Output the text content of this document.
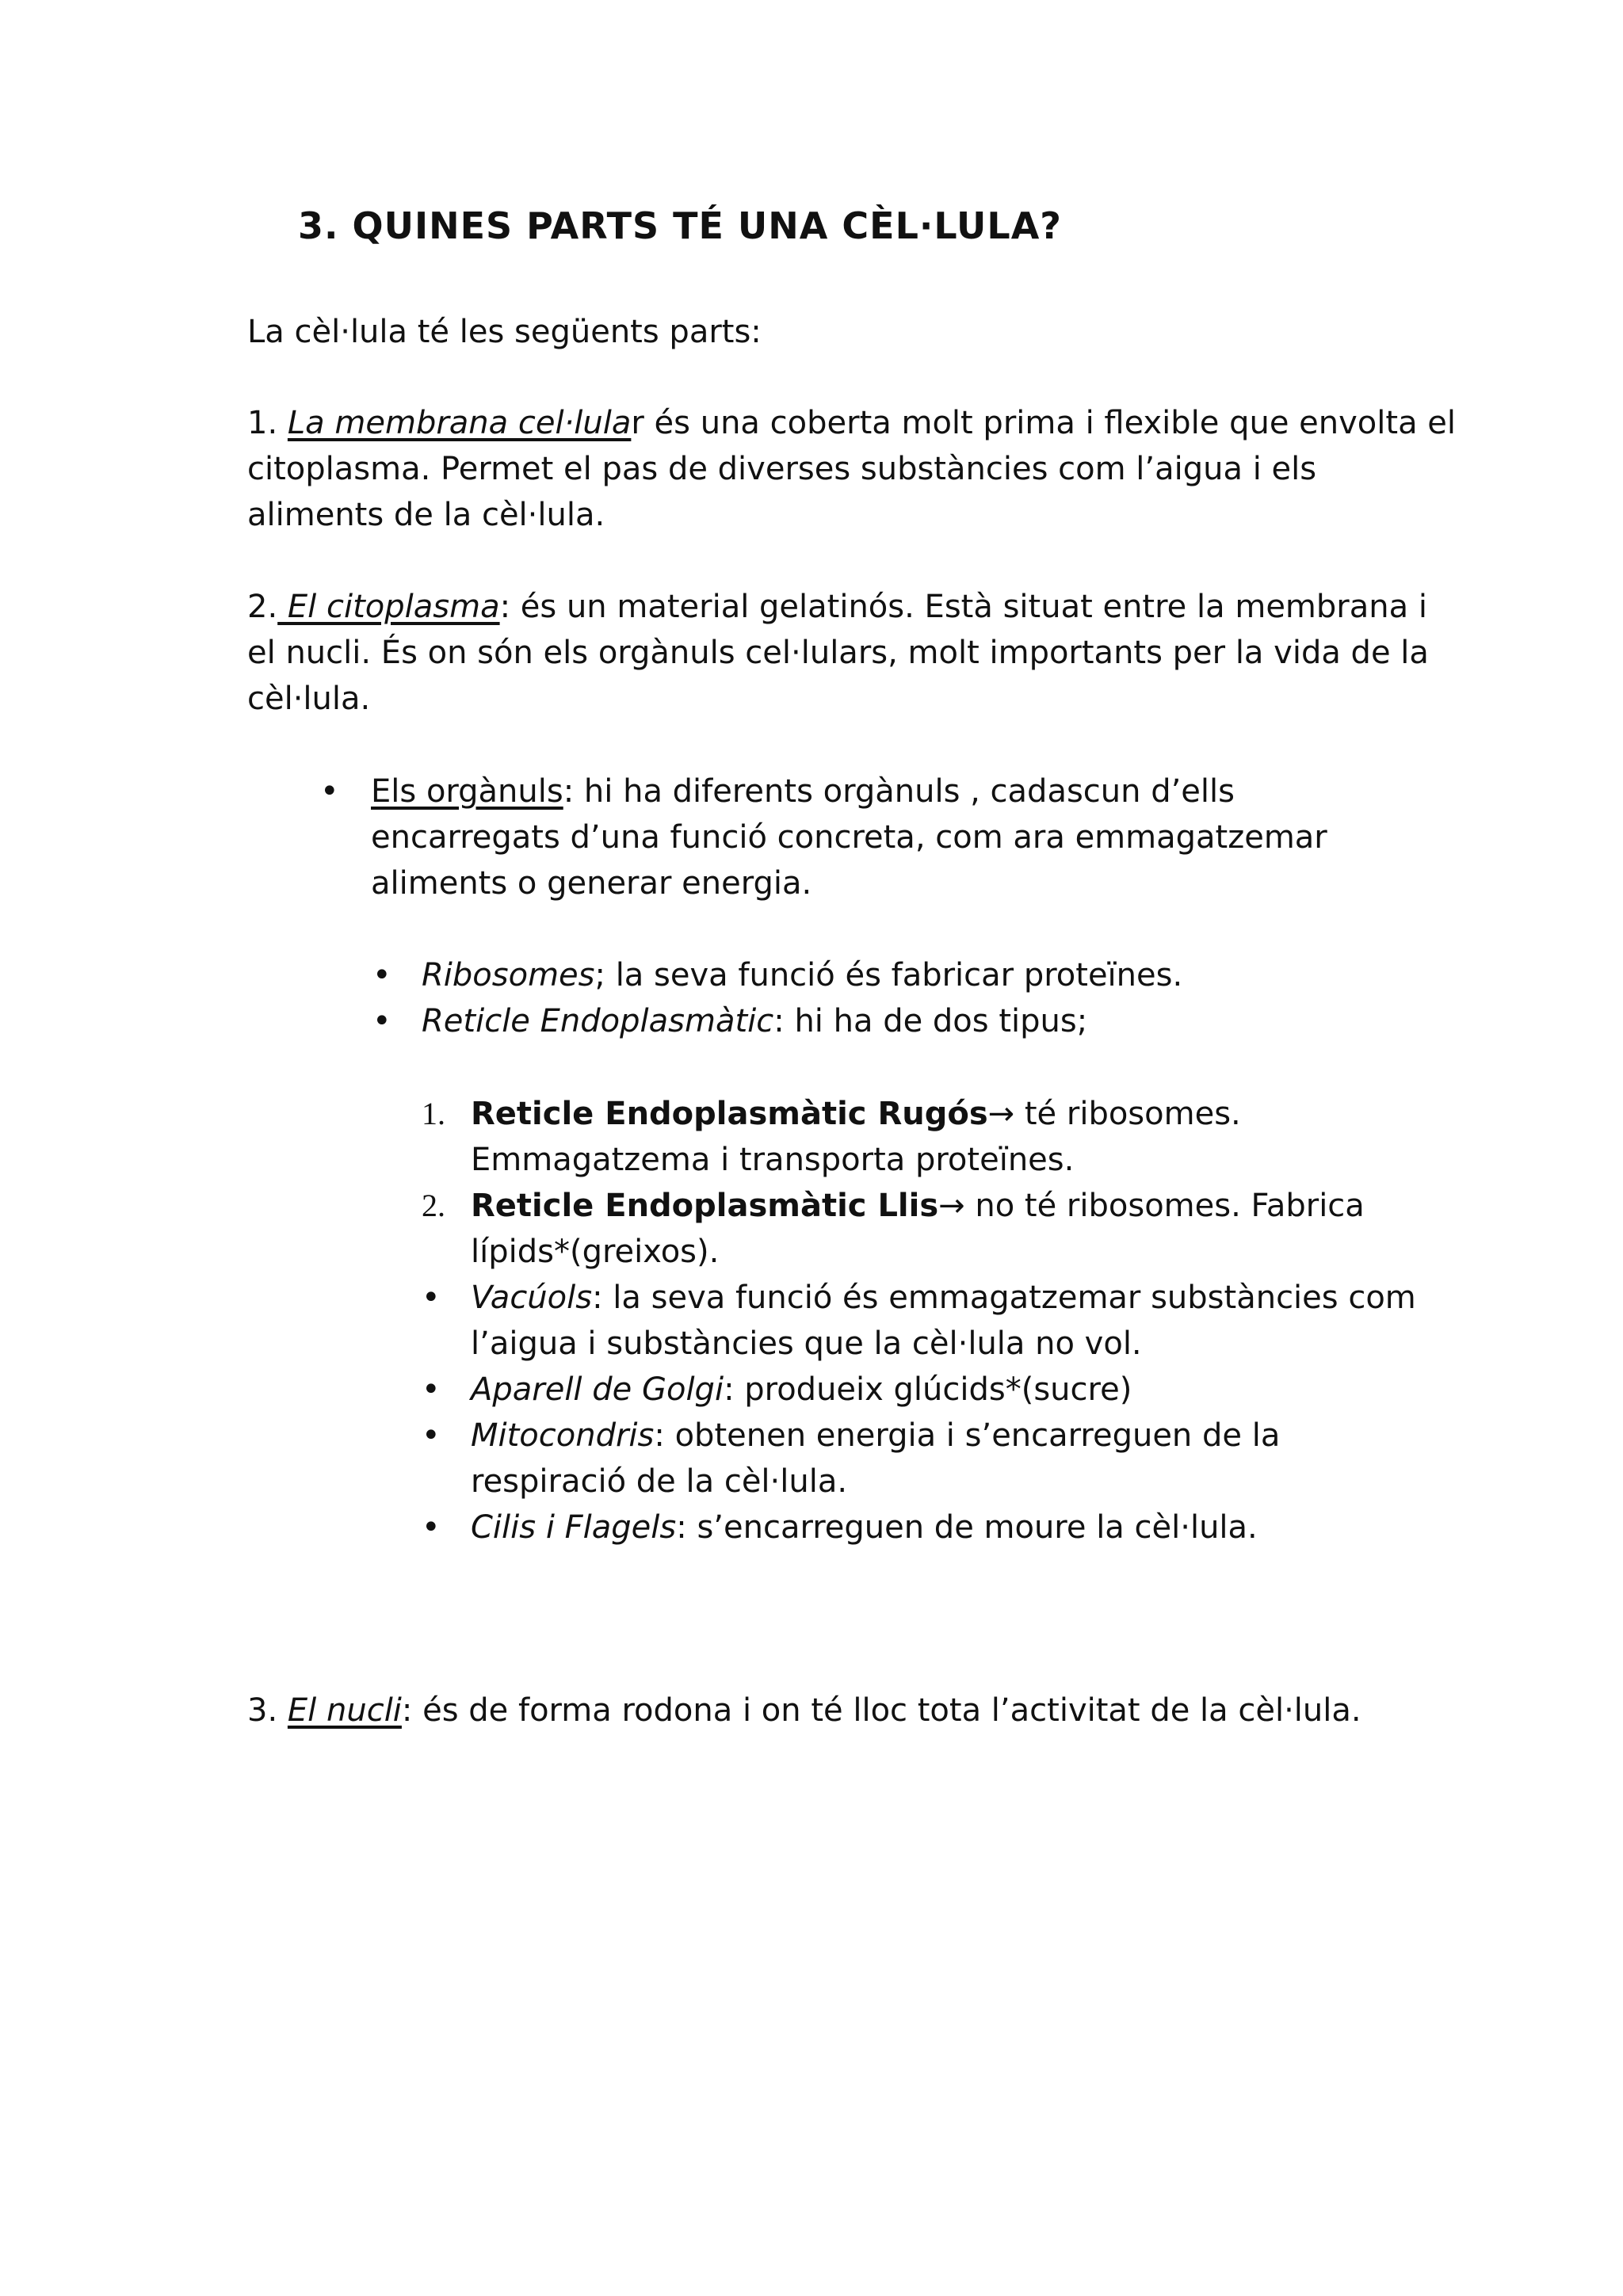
3. QUINES PARTS TÉ UNA CÈL·LULA?

La cèl·lula té les següents parts:

1. La membrana cel·lular és una coberta molt prima i flexible que envolta el

citoplasma. Permet el pas de diverses substàncies com l’aigua i els

aliments de la cèl·lula.

2. El citoplasma: és un material gelatinós. Està situat entre la membrana i

el nucli. És on són els orgànuls cel·lulars, molt importants per la vida de la

cèl·lula.

• Els orgànuls: hi ha diferents orgànuls , cadascun d’ells

encarregats d’una funció concreta, com ara emmagatzemar

aliments o generar energia.

• Ribosomes; la seva funció és fabricar proteïnes.

• Reticle Endoplasmàtic: hi ha de dos tipus;

1. Reticle Endoplasmàtic Rugós→ té ribosomes.

Emmagatzema i transporta proteïnes.

2. Reticle Endoplasmàtic Llis→ no té ribosomes. Fabrica

lípids*(greixos).

• Vacúols: la seva funció és emmagatzemar substàncies com

l’aigua i substàncies que la cèl·lula no vol.

• Aparell de Golgi: produeix glúcids*(sucre)

• Mitocondris: obtenen energia i s’encarreguen de la

respiració de la cèl·lula.

• Cilis i Flagels: s’encarreguen de moure la cèl·lula.

3. El nucli: és de forma rodona i on té lloc tota l’activitat de la cèl·lula.
